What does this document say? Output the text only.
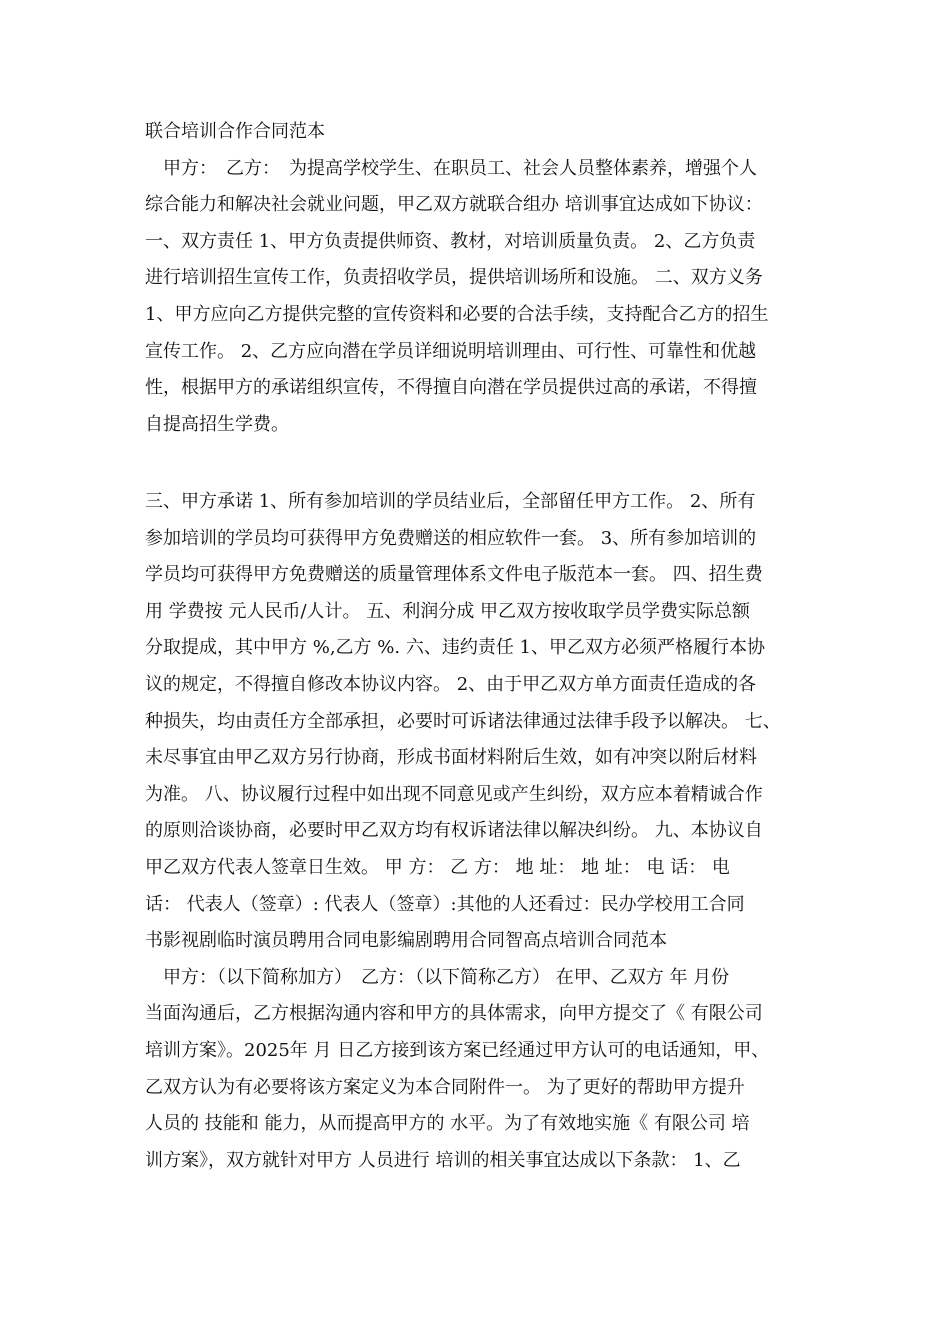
联合培训合作合同范本
　甲方：　乙方：　为提高学校学生、在职员工、社会人员整体素养，增强个人
综合能力和解决社会就业问题，甲乙双方就联合组办 培训事宜达成如下协议：
一、双方责任 1、甲方负责提供师资、教材，对培训质量负责。 2、乙方负责
进行培训招生宣传工作，负责招收学员，提供培训场所和设施。 二、双方义务
1、甲方应向乙方提供完整的宣传资料和必要的合法手续，支持配合乙方的招生
宣传工作。 2、乙方应向潜在学员详细说明培训理由、可行性、可靠性和优越
性，根据甲方的承诺组织宣传，不得擅自向潜在学员提供过高的承诺，不得擅
自提高招生学费。
三、甲方承诺 1、所有参加培训的学员结业后，全部留任甲方工作。 2、所有
参加培训的学员均可获得甲方免费赠送的相应软件一套。 3、所有参加培训的
学员均可获得甲方免费赠送的质量管理体系文件电子版范本一套。 四、招生费
用 学费按 元人民币/人计。 五、利润分成 甲乙双方按收取学员学费实际总额
分取提成，其中甲方 %,乙方 %. 六、违约责任 1、甲乙双方必须严格履行本协
议的规定，不得擅自修改本协议内容。 2、由于甲乙双方单方面责任造成的各
种损失，均由责任方全部承担，必要时可诉诸法律通过法律手段予以解决。 七、
未尽事宜由甲乙双方另行协商，形成书面材料附后生效，如有冲突以附后材料
为准。 八、协议履行过程中如出现不同意见或产生纠纷，双方应本着精诚合作
的原则洽谈协商，必要时甲乙双方均有权诉诸法律以解决纠纷。 九、本协议自
甲乙双方代表人签章日生效。 甲 方： 乙 方： 地 址： 地 址： 电 话： 电
话： 代表人（签章）: 代表人（签章）:其他的人还看过：民办学校用工合同
书影视剧临时演员聘用合同电影编剧聘用合同智高点培训合同范本
　甲方：（以下简称加方）　乙方：（以下简称乙方） 在甲、乙双方 年 月份
当面沟通后，乙方根据沟通内容和甲方的具体需求，向甲方提交了《 有限公司
培训方案》。2025年 月 日乙方接到该方案已经通过甲方认可的电话通知，甲、
乙双方认为有必要将该方案定义为本合同附件一。 为了更好的帮助甲方提升
人员的 技能和 能力，从而提高甲方的 水平。为了有效地实施《 有限公司 培
训方案》，双方就针对甲方 人员进行 培训的相关事宜达成以下条款： 1、乙
